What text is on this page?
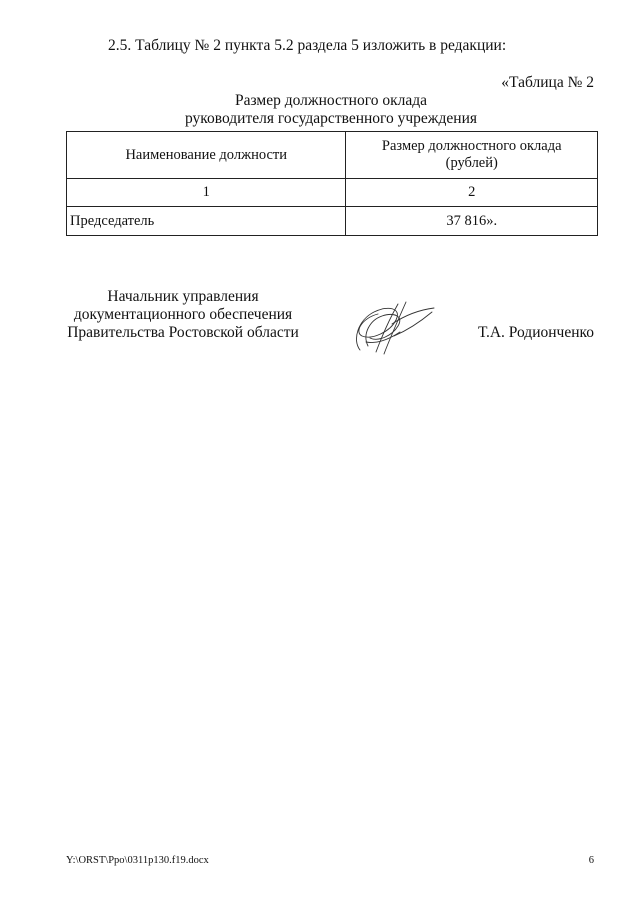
2.5. Таблицу № 2 пункта 5.2 раздела 5 изложить в редакции:
«Таблица № 2
Размер должностного оклада
руководителя государственного учреждения
Наименование должности	Размер должностного оклада
(рублей)
1	2
Председатель	37 816».
Начальник управления
документационного обеспечения
Правительства Ростовской области	Т.А. Родионченко
Y:\ORST\Ppo\0311p130.f19.docx	6
